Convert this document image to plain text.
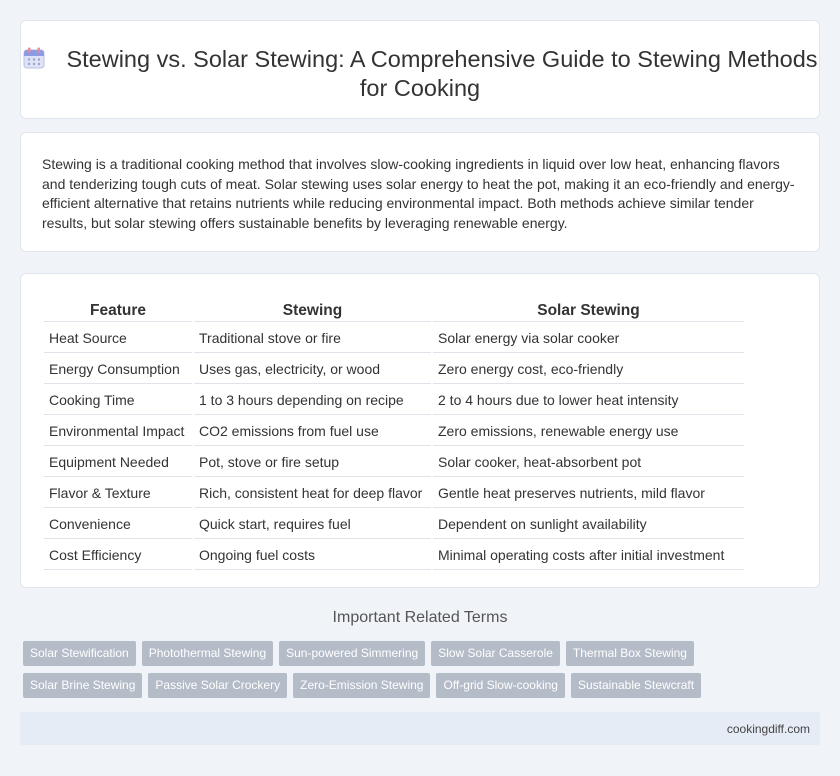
Stewing vs. Solar Stewing: A Comprehensive Guide to Stewing Methods for Cooking

Stewing is a traditional cooking method that involves slow-cooking ingredients in liquid over low heat, enhancing flavors and tenderizing tough cuts of meat. Solar stewing uses solar energy to heat the pot, making it an eco-friendly and energy-efficient alternative that retains nutrients while reducing environmental impact. Both methods achieve similar tender results, but solar stewing offers sustainable benefits by leveraging renewable energy.

Feature	Stewing	Solar Stewing
Heat Source	Traditional stove or fire	Solar energy via solar cooker
Energy Consumption	Uses gas, electricity, or wood	Zero energy cost, eco-friendly
Cooking Time	1 to 3 hours depending on recipe	2 to 4 hours due to lower heat intensity
Environmental Impact	CO2 emissions from fuel use	Zero emissions, renewable energy use
Equipment Needed	Pot, stove or fire setup	Solar cooker, heat-absorbent pot
Flavor & Texture	Rich, consistent heat for deep flavor	Gentle heat preserves nutrients, mild flavor
Convenience	Quick start, requires fuel	Dependent on sunlight availability
Cost Efficiency	Ongoing fuel costs	Minimal operating costs after initial investment
Important Related Terms
Solar Stewification	Photothermal Stewing	Sun-powered Simmering	Slow Solar Casserole	Thermal Box Stewing
Solar Brine Stewing	Passive Solar Crockery	Zero-Emission Stewing	Off-grid Slow-cooking	Sustainable Stewcraft
cookingdiff.com
